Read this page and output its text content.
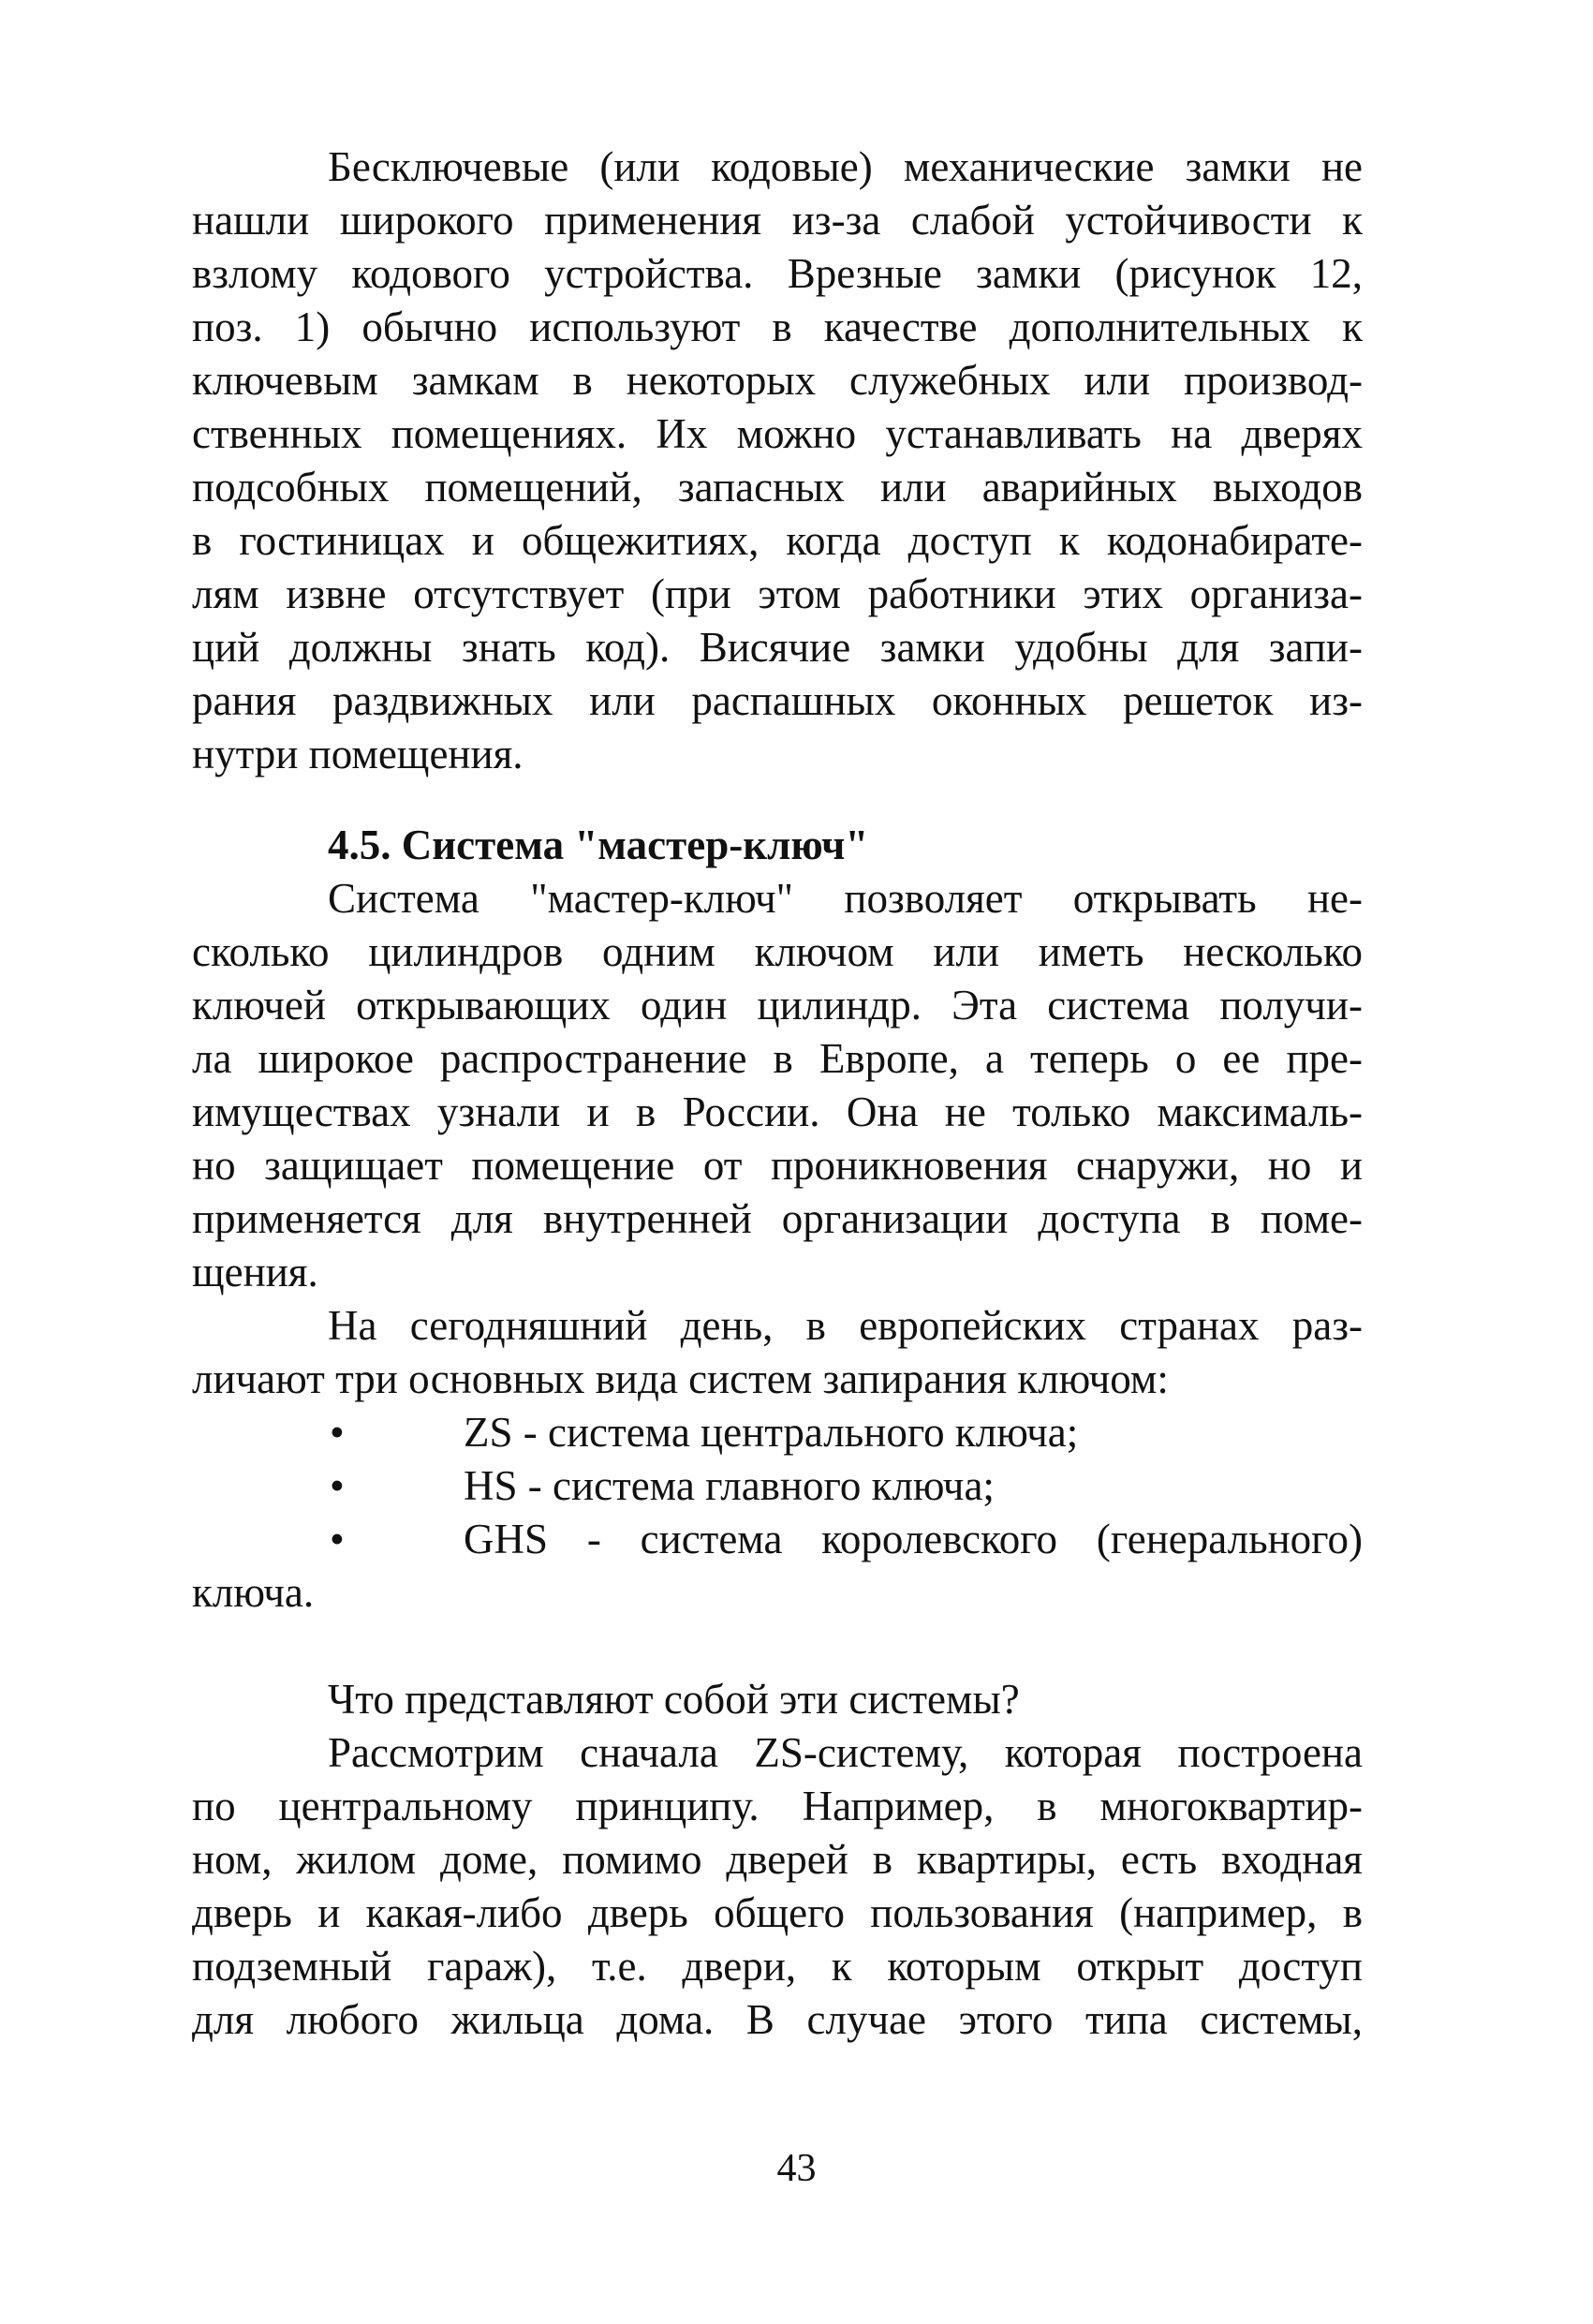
Бесключевые (или кодовые) механические замки не
нашли широкого применения из-за слабой устойчивости к
взлому кодового устройства. Врезные замки (рисунок 12,
поз. 1) обычно используют в качестве дополнительных к
ключевым замкам в некоторых служебных или производ-
ственных помещениях. Их можно устанавливать на дверях
подсобных помещений, запасных или аварийных выходов
в гостиницах и общежитиях, когда доступ к кодонабирате-
лям извне отсутствует (при этом работники этих организа-
ций должны знать код). Висячие замки удобны для запи-
рания раздвижных или распашных оконных решеток из-
нутри помещения.
4.5. Система "мастер-ключ"
Система "мастер-ключ" позволяет открывать не-
сколько цилиндров одним ключом или иметь несколько
ключей открывающих один цилиндр. Эта система получи-
ла широкое распространение в Европе, а теперь о ее пре-
имуществах узнали и в России. Она не только максималь-
но защищает помещение от проникновения снаружи, но и
применяется для внутренней организации доступа в поме-
щения.
На сегодняшний день, в европейских странах раз-
личают три основных вида систем запирания ключом:
•	ZS - система центрального ключа;
•	HS - система главного ключа;
•	GHS - система королевского (генерального)
ключа.
Что представляют собой эти системы?
Рассмотрим сначала ZS-систему, которая построена
по центральному принципу. Например, в многоквартир-
ном, жилом доме, помимо дверей в квартиры, есть входная
дверь и какая-либо дверь общего пользования (например, в
подземный гараж), т.е. двери, к которым открыт доступ
для любого жильца дома. В случае этого типа системы,
43
